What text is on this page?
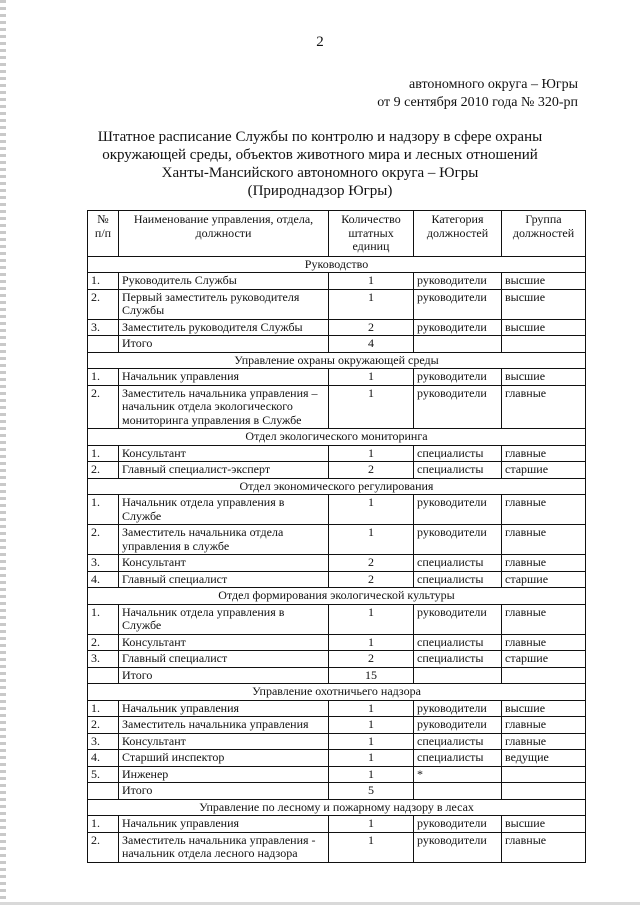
2
автономного округа – Югры
от 9 сентября 2010 года № 320-рп
Штатное расписание Службы по контролю и надзору в сфере охраны
окружающей среды, объектов животного мира и лесных отношений
Ханты-Мансийского автономного округа – Югры
(Природнадзор Югры)
№ п/п	Наименование управления, отдела, должности	Количество штатных единиц	Категория должностей	Группа должностей
Руководство				
1.	Руководитель Службы	1	руководители	высшие
2.	Первый заместитель руководителя Службы	1	руководители	высшие
3.	Заместитель руководителя Службы	2	руководители	высшие
	Итого	4		
Управление охраны окружающей среды				
1.	Начальник управления	1	руководители	высшие
2.	Заместитель начальника управления – начальник отдела экологического мониторинга управления в Службе	1	руководители	главные
Отдел экологического мониторинга				
1.	Консультант	1	специалисты	главные
2.	Главный специалист-эксперт	2	специалисты	старшие
Отдел экономического регулирования				
1.	Начальник отдела управления в Службе	1	руководители	главные
2.	Заместитель начальника отдела управления в службе	1	руководители	главные
3.	Консультант	2	специалисты	главные
4.	Главный специалист	2	специалисты	старшие
Отдел формирования экологической культуры				
1.	Начальник отдела управления в Службе	1	руководители	главные
2.	Консультант	1	специалисты	главные
3.	Главный специалист	2	специалисты	старшие
	Итого	15		
Управление охотничьего надзора				
1.	Начальник управления	1	руководители	высшие
2.	Заместитель начальника управления	1	руководители	главные
3.	Консультант	1	специалисты	главные
4.	Старший инспектор	1	специалисты	ведущие
5.	Инженер	1	*	
	Итого	5		
Управление по лесному и пожарному надзору в лесах				
1.	Начальник управления	1	руководители	высшие
2.	Заместитель начальника управления - начальник отдела лесного надзора	1	руководители	главные
